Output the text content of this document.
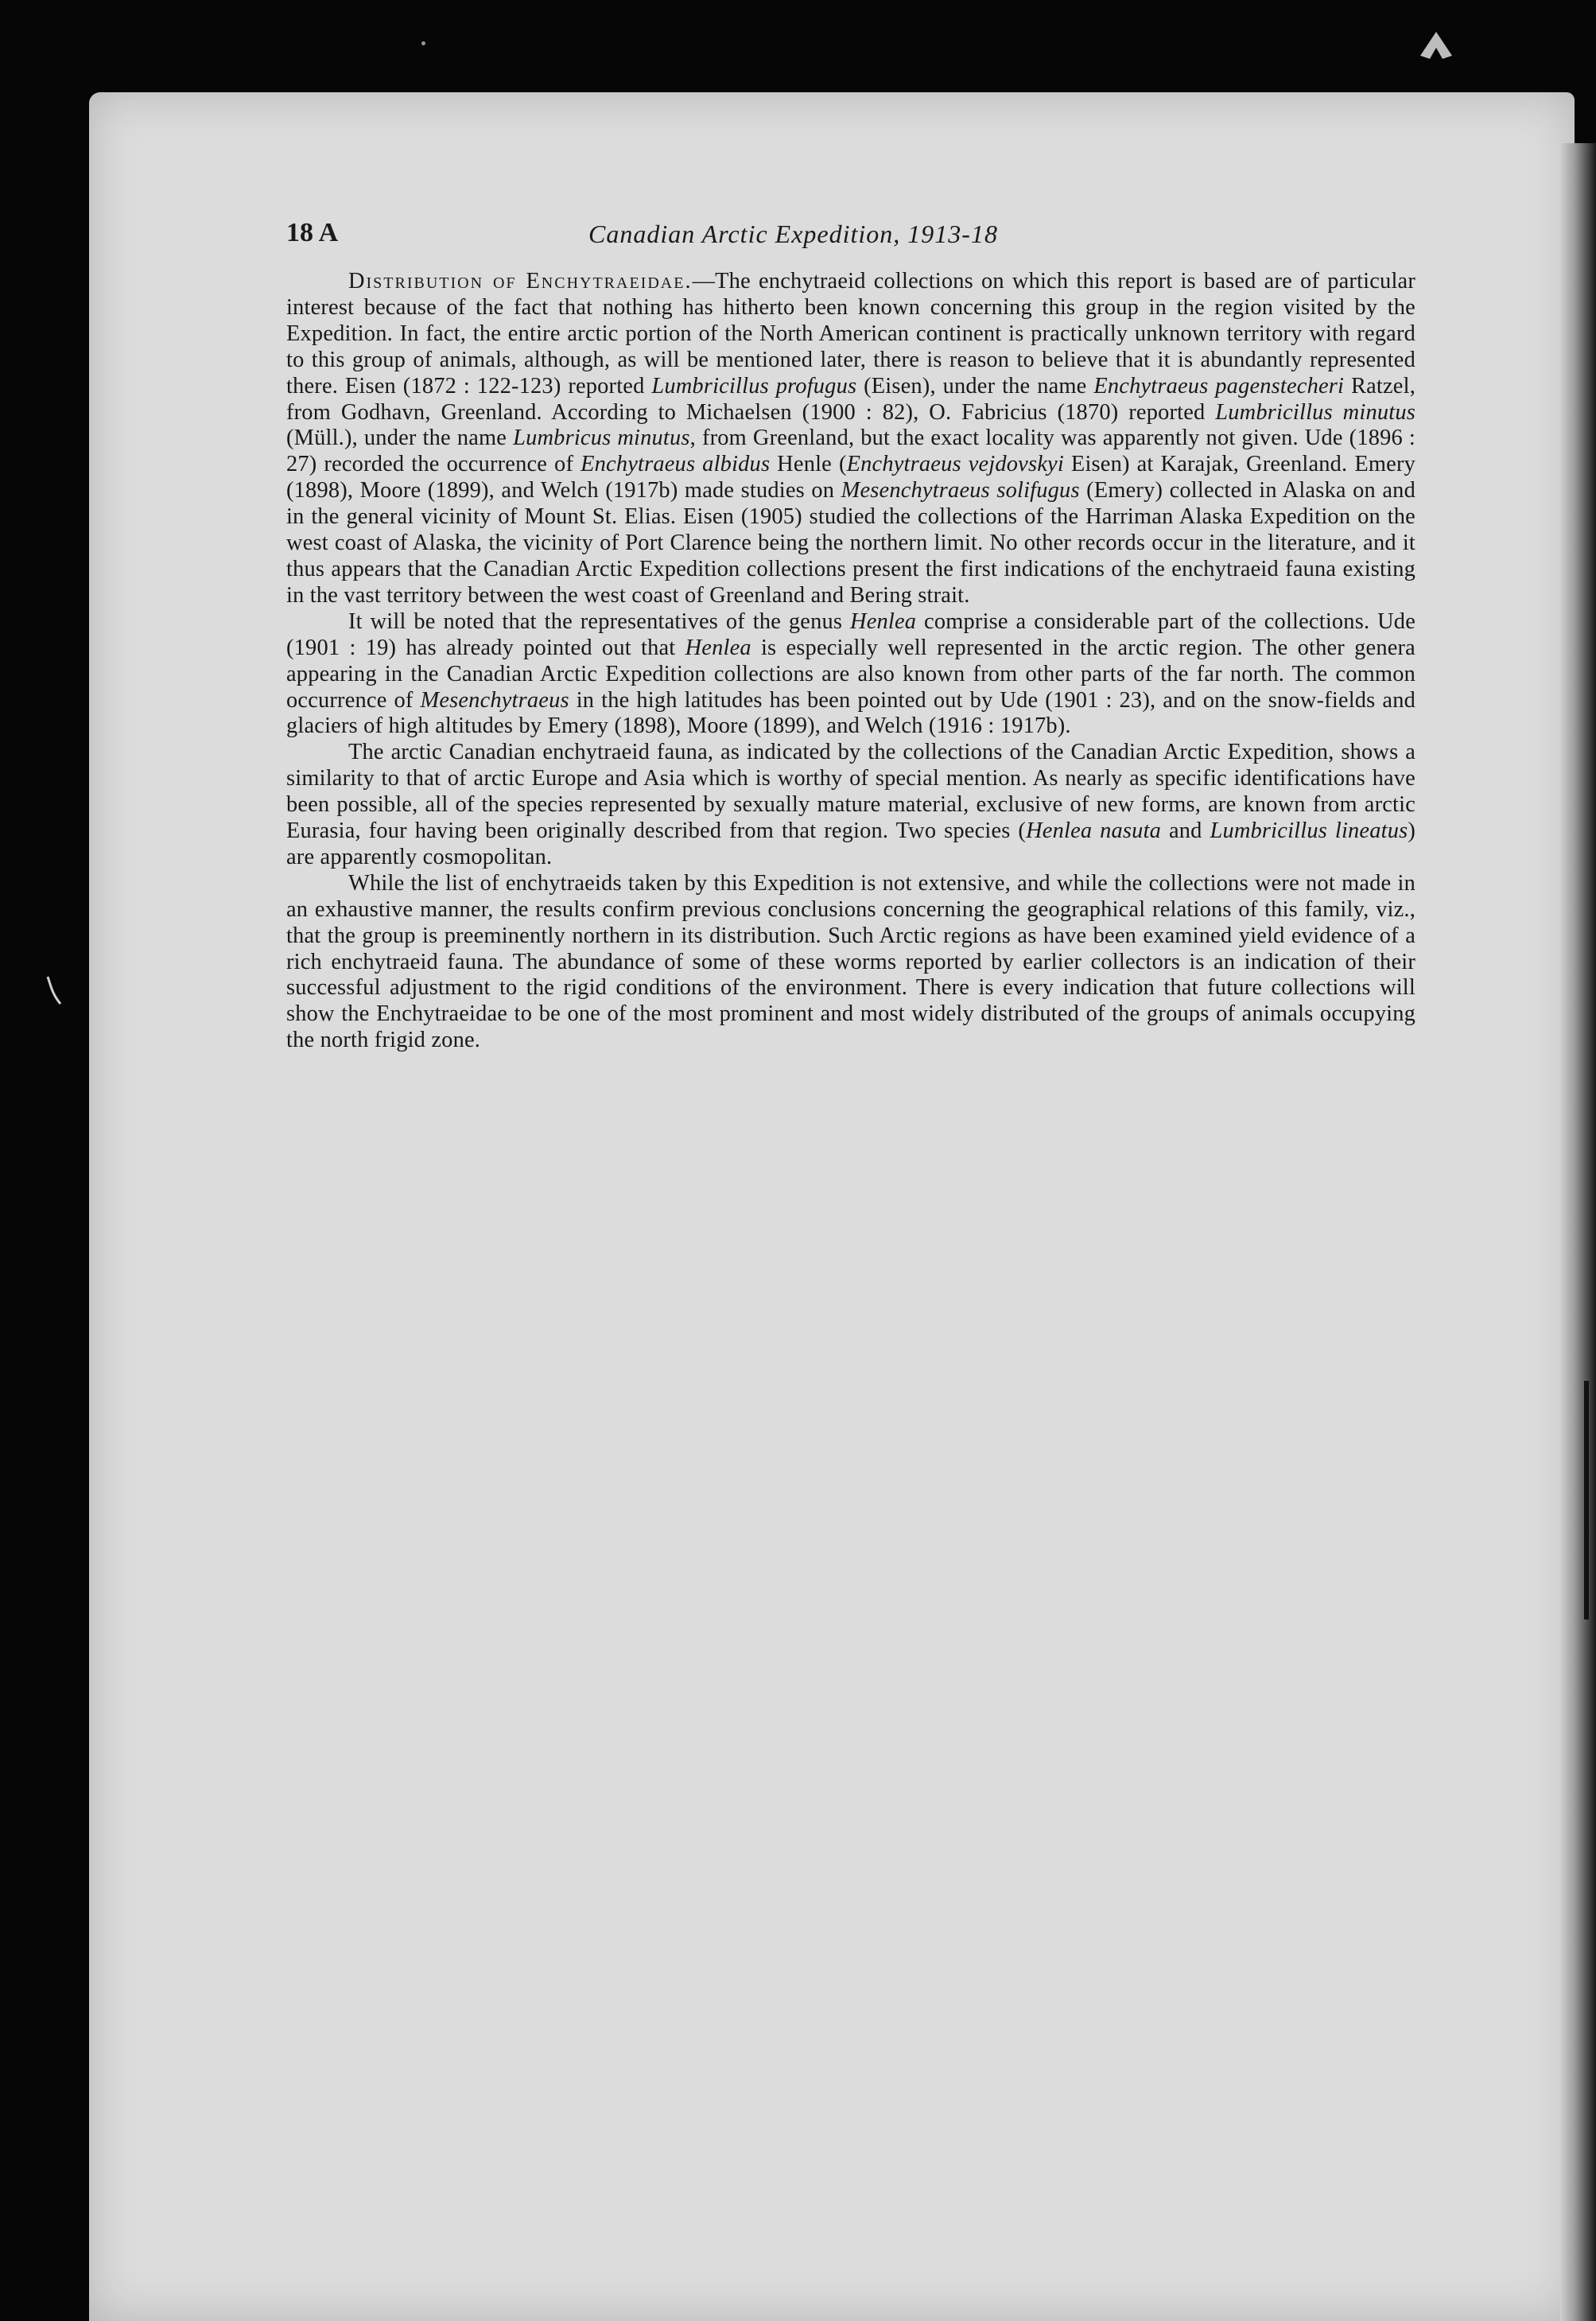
18 A	Canadian Arctic Expedition, 1913-18

Distribution of Enchytraeidae.—The enchytraeid collections on which this report is based are of particular interest because of the fact that nothing has hitherto been known concerning this group in the region visited by the Expedition. In fact, the entire arctic portion of the North American continent is practically unknown territory with regard to this group of animals, although, as will be mentioned later, there is reason to believe that it is abundantly represented there. Eisen (1872 : 122-123) reported Lumbricillus profugus (Eisen), under the name Enchytraeus pagenstecheri Ratzel, from Godhavn, Greenland. According to Michaelsen (1900 : 82), O. Fabricius (1870) reported Lumbricillus minutus (Müll.), under the name Lumbricus minutus, from Greenland, but the exact locality was apparently not given. Ude (1896 : 27) recorded the occurrence of Enchytraeus albidus Henle (Enchytraeus vejdovskyi Eisen) at Karajak, Greenland. Emery (1898), Moore (1899), and Welch (1917b) made studies on Mesenchytraeus solifugus (Emery) collected in Alaska on and in the general vicinity of Mount St. Elias. Eisen (1905) studied the collections of the Harriman Alaska Expedition on the west coast of Alaska, the vicinity of Port Clarence being the northern limit. No other records occur in the literature, and it thus appears that the Canadian Arctic Expedition collections present the first indications of the enchytraeid fauna existing in the vast territory between the west coast of Greenland and Bering strait.

It will be noted that the representatives of the genus Henlea comprise a considerable part of the collections. Ude (1901 : 19) has already pointed out that Henlea is especially well represented in the arctic region. The other genera appearing in the Canadian Arctic Expedition collections are also known from other parts of the far north. The common occurrence of Mesenchytraeus in the high latitudes has been pointed out by Ude (1901 : 23), and on the snow-fields and glaciers of high altitudes by Emery (1898), Moore (1899), and Welch (1916 : 1917b).

The arctic Canadian enchytraeid fauna, as indicated by the collections of the Canadian Arctic Expedition, shows a similarity to that of arctic Europe and Asia which is worthy of special mention. As nearly as specific identifications have been possible, all of the species represented by sexually mature material, exclusive of new forms, are known from arctic Eurasia, four having been originally described from that region. Two species (Henlea nasuta and Lumbricillus lineatus) are apparently cosmopolitan.

While the list of enchytraeids taken by this Expedition is not extensive, and while the collections were not made in an exhaustive manner, the results confirm previous conclusions concerning the geographical relations of this family, viz., that the group is preeminently northern in its distribution. Such Arctic regions as have been examined yield evidence of a rich enchytraeid fauna. The abundance of some of these worms reported by earlier collectors is an indication of their successful adjustment to the rigid conditions of the environment. There is every indication that future collections will show the Enchytraeidae to be one of the most prominent and most widely distributed of the groups of animals occupying the north frigid zone.
